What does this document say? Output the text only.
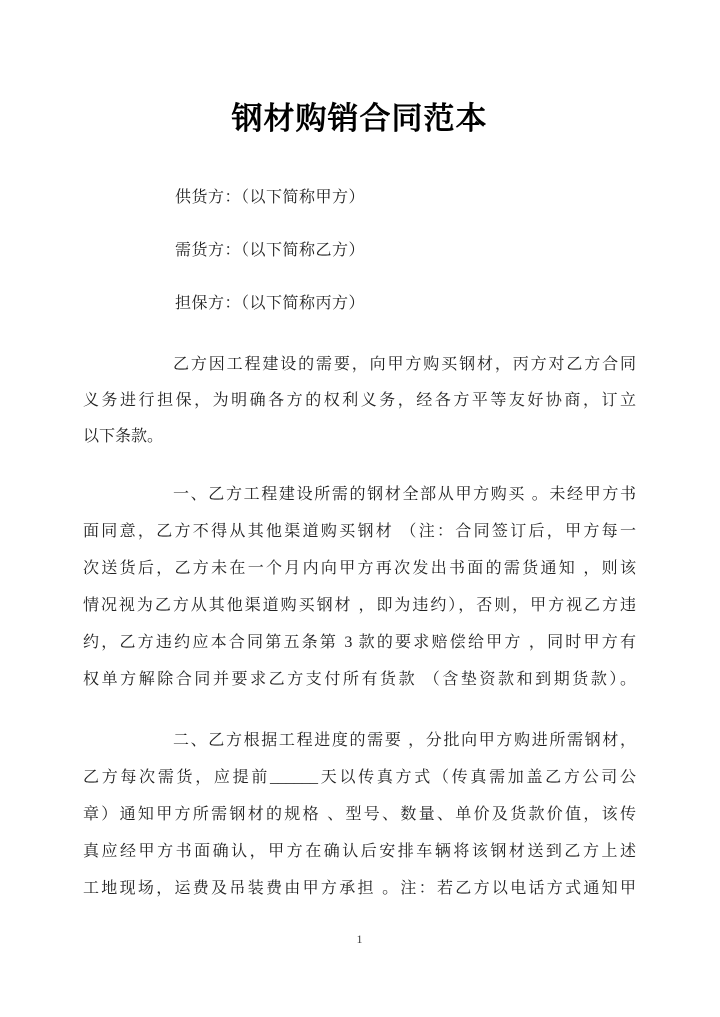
钢材购销合同范本
供货方：（以下简称甲方）
需货方：（以下简称乙方）
担保方：（以下简称丙方）
乙方因工程建设的需要，向甲方购买钢材，丙方对乙方合同
义务进行担保，为明确各方的权利义务，经各方平等友好协商，订立
以下条款。
一、乙方工程建设所需的钢材全部从甲方购买 。未经甲方书
面同意，乙方不得从其他渠道购买钢材 （注：合同签订后，甲方每一
次送货后，乙方未在一个月内向甲方再次发出书面的需货通知 ，则该
情况视为乙方从其他渠道购买钢材 ，即为违约），否则，甲方视乙方违
约，乙方违约应本合同第五条第 3 款的要求赔偿给甲方 ，同时甲方有
权单方解除合同并要求乙方支付所有货款 （含垫资款和到期货款）。
二、乙方根据工程进度的需要 ，分批向甲方购进所需钢材，
乙方每次需货，应提前______天以传真方式（传真需加盖乙方公司公
章）通知甲方所需钢材的规格 、型号、数量、单价及货款价值，该传
真应经甲方书面确认，甲方在确认后安排车辆将该钢材送到乙方上述
工地现场，运费及吊装费由甲方承担 。注：若乙方以电话方式通知甲
1
